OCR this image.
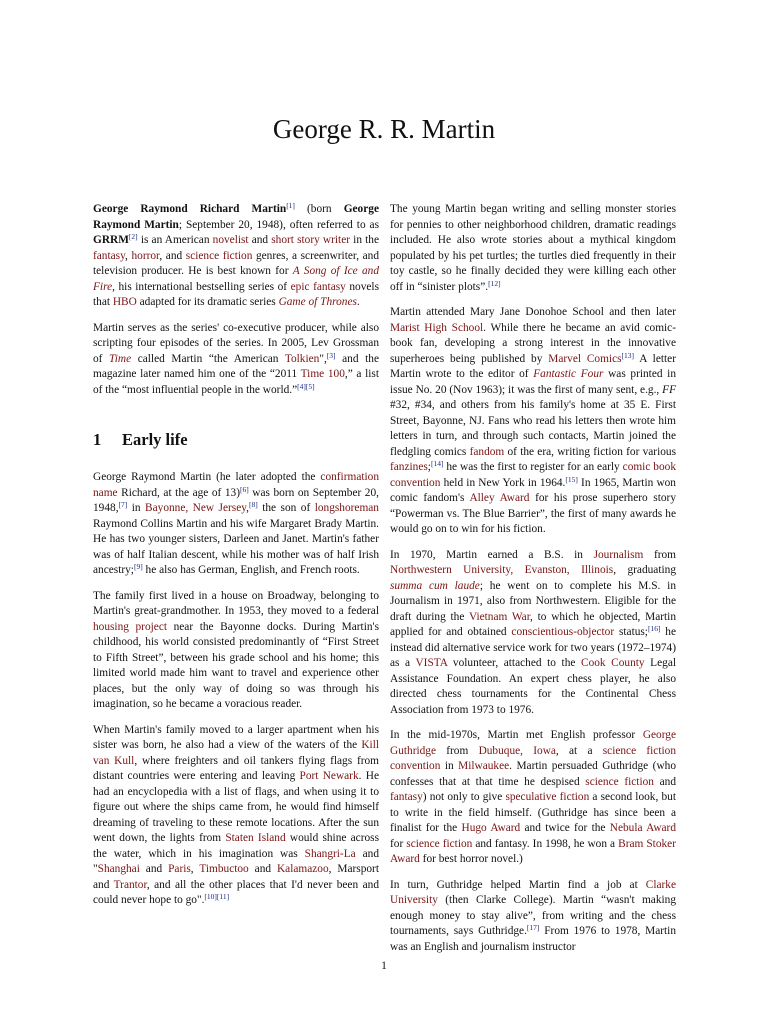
George R. R. Martin

George Raymond Richard Martin[1] (born George Raymond Martin; September 20, 1948), often referred to as GRRM[2] is an American novelist and short story writer in the fantasy, horror, and science fiction genres, a screenwriter, and television producer. He is best known for A Song of Ice and Fire, his international bestselling series of epic fantasy novels that HBO adapted for its dramatic series Game of Thrones.

Martin serves as the series' co-executive producer, while also scripting four episodes of the series. In 2005, Lev Grossman of Time called Martin “the American Tolkien",[3] and the magazine later named him one of the “2011 Time 100,” a list of the “most influential people in the world.”[4][5]

1 Early life

George Raymond Martin (he later adopted the confirmation name Richard, at the age of 13)[6] was born on September 20, 1948,[7] in Bayonne, New Jersey,[8] the son of longshoreman Raymond Collins Martin and his wife Margaret Brady Martin. He has two younger sisters, Darleen and Janet. Martin's father was of half Italian descent, while his mother was of half Irish ancestry;[9] he also has German, English, and French roots.

The family first lived in a house on Broadway, belonging to Martin's great-grandmother. In 1953, they moved to a federal housing project near the Bayonne docks. During Martin's childhood, his world consisted predominantly of “First Street to Fifth Street”, between his grade school and his home; this limited world made him want to travel and experience other places, but the only way of doing so was through his imagination, so he became a voracious reader.

When Martin's family moved to a larger apartment when his sister was born, he also had a view of the waters of the Kill van Kull, where freighters and oil tankers flying flags from distant countries were entering and leaving Port Newark. He had an encyclopedia with a list of flags, and when using it to figure out where the ships came from, he would find himself dreaming of traveling to these remote locations. After the sun went down, the lights from Staten Island would shine across the water, which in his imagination was Shangri-La and "Shanghai and Paris, Timbuctoo and Kalamazoo, Marsport and Trantor, and all the other places that I'd never been and could never hope to go".[10][11]

The young Martin began writing and selling monster stories for pennies to other neighborhood children, dramatic readings included. He also wrote stories about a mythical kingdom populated by his pet turtles; the turtles died frequently in their toy castle, so he finally decided they were killing each other off in “sinister plots”.[12]

Martin attended Mary Jane Donohoe School and then later Marist High School. While there he became an avid comic-book fan, developing a strong interest in the innovative superheroes being published by Marvel Comics[13] A letter Martin wrote to the editor of Fantastic Four was printed in issue No. 20 (Nov 1963); it was the first of many sent, e.g., FF #32, #34, and others from his family's home at 35 E. First Street, Bayonne, NJ. Fans who read his letters then wrote him letters in turn, and through such contacts, Martin joined the fledgling comics fandom of the era, writing fiction for various fanzines;[14] he was the first to register for an early comic book convention held in New York in 1964.[15] In 1965, Martin won comic fandom's Alley Award for his prose superhero story “Powerman vs. The Blue Barrier”, the first of many awards he would go on to win for his fiction.

In 1970, Martin earned a B.S. in Journalism from Northwestern University, Evanston, Illinois, graduating summa cum laude; he went on to complete his M.S. in Journalism in 1971, also from Northwestern. Eligible for the draft during the Vietnam War, to which he objected, Martin applied for and obtained conscientious-objector status;[16] he instead did alternative service work for two years (1972–1974) as a VISTA volunteer, attached to the Cook County Legal Assistance Foundation. An expert chess player, he also directed chess tournaments for the Continental Chess Association from 1973 to 1976.

In the mid-1970s, Martin met English professor George Guthridge from Dubuque, Iowa, at a science fiction convention in Milwaukee. Martin persuaded Guthridge (who confesses that at that time he despised science fiction and fantasy) not only to give speculative fiction a second look, but to write in the field himself. (Guthridge has since been a finalist for the Hugo Award and twice for the Nebula Award for science fiction and fantasy. In 1998, he won a Bram Stoker Award for best horror novel.)

In turn, Guthridge helped Martin find a job at Clarke University (then Clarke College). Martin “wasn't making enough money to stay alive”, from writing and the chess tournaments, says Guthridge.[17] From 1976 to 1978, Martin was an English and journalism instructor

1
